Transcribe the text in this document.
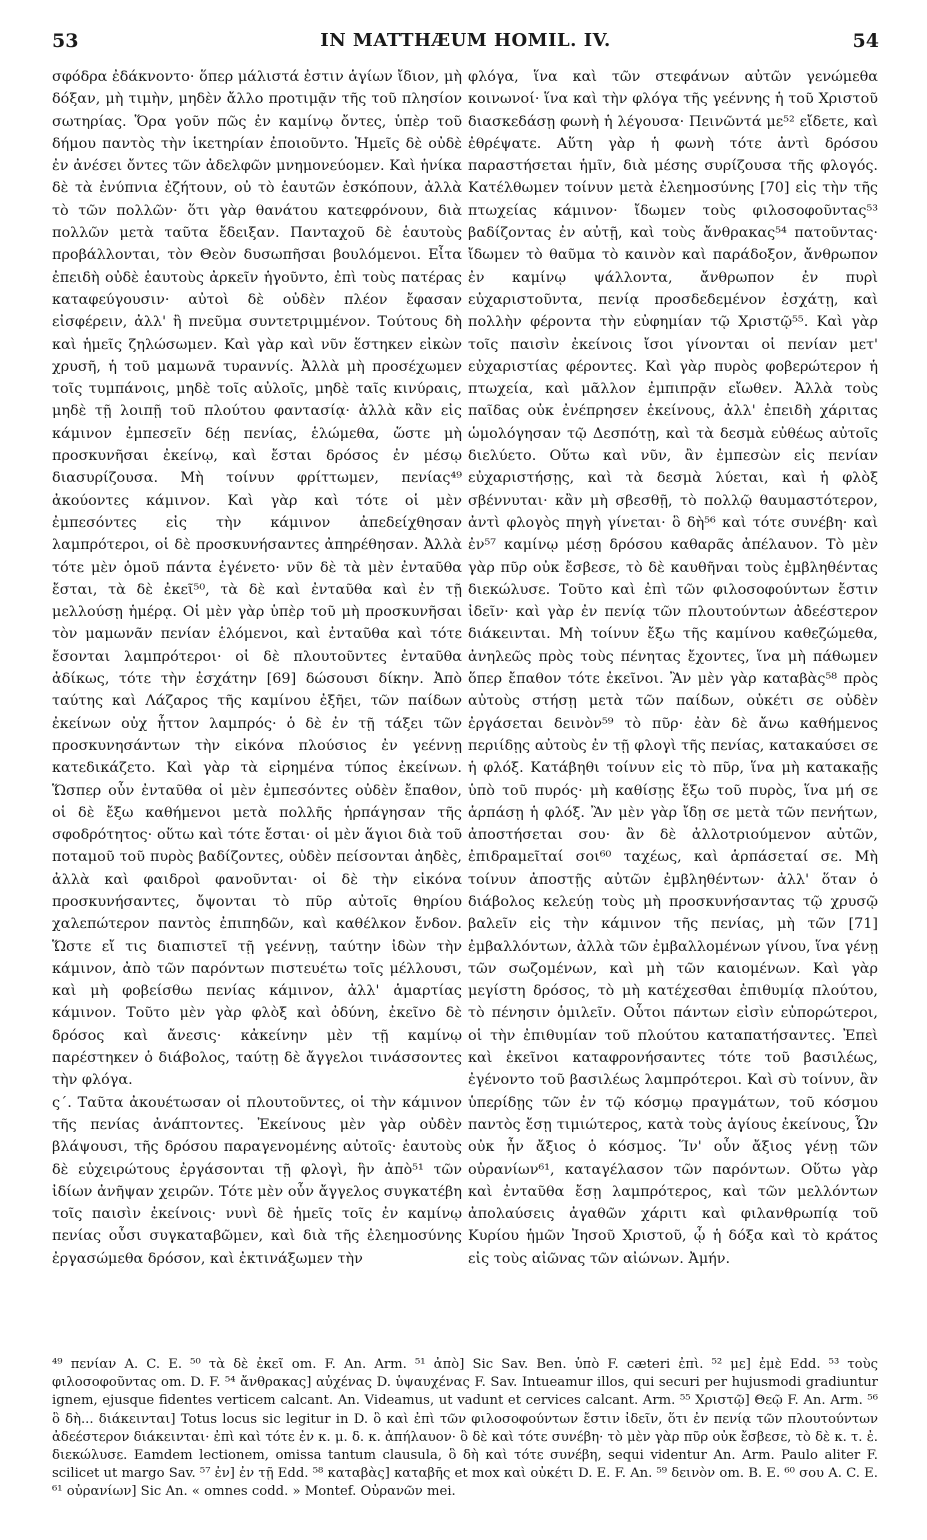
53	IN MATTHÆUM HOMIL. IV.	54

σφόδρα ἐδάκνοντο· ὅπερ μάλιστά ἐστιν ἁγίων ἴδιον, μὴ δόξαν, μὴ τιμὴν, μηδὲν ἄλλο προτιμᾷν τῆς τοῦ πλησίον σωτηρίας. Ὅρα γοῦν πῶς ἐν καμίνῳ ὄντες, ὑπὲρ τοῦ δήμου παντὸς τὴν ἱκετηρίαν ἐποιοῦντο. Ἡμεῖς δὲ οὐδὲ ἐν ἀνέσει ὄντες τῶν ἀδελφῶν μνημονεύομεν. Καὶ ἡνίκα δὲ τὰ ἐνύπνια ἐζήτουν, οὐ τὸ ἑαυτῶν ἐσκόπουν, ἀλλὰ τὸ τῶν πολλῶν· ὅτι γὰρ θανάτου κατεφρόνουν, διὰ πολλῶν μετὰ ταῦτα ἔδειξαν. Πανταχοῦ δὲ ἑαυτοὺς προβάλλονται, τὸν Θεὸν δυσωπῆσαι βουλόμενοι. Εἶτα ἐπειδὴ οὐδὲ ἑαυτοὺς ἀρκεῖν ἡγοῦντο, ἐπὶ τοὺς πατέρας καταφεύγουσιν· αὐτοὶ δὲ οὐδὲν πλέον ἔφασαν εἰσφέρειν, ἀλλ' ἢ πνεῦμα συντετριμμένον. Τούτους δὴ καὶ ἡμεῖς ζηλώσωμεν. Καὶ γὰρ καὶ νῦν ἕστηκεν εἰκὼν χρυσῆ, ἡ τοῦ μαμωνᾶ τυραννίς. Ἀλλὰ μὴ προσέχωμεν τοῖς τυμπάνοις, μηδὲ τοῖς αὐλοῖς, μηδὲ ταῖς κινύραις, μηδὲ τῇ λοιπῇ τοῦ πλούτου φαντασίᾳ· ἀλλὰ κἂν εἰς κάμινον ἐμπεσεῖν δέῃ πενίας, ἑλώμεθα, ὥστε μὴ προσκυνῆσαι ἐκείνῳ, καὶ ἔσται δρόσος ἐν μέσῳ διασυρίζουσα. Μὴ τοίνυν φρίττωμεν, πενίας⁴⁹ ἀκούοντες κάμινον. Καὶ γὰρ καὶ τότε οἱ μὲν ἐμπεσόντες εἰς τὴν κάμινον ἀπεδείχθησαν λαμπρότεροι, οἱ δὲ προσκυνήσαντες ἀπηρέθησαν. Ἀλλὰ τότε μὲν ὁμοῦ πάντα ἐγένετο· νῦν δὲ τὰ μὲν ἐνταῦθα ἔσται, τὰ δὲ ἐκεῖ⁵⁰, τὰ δὲ καὶ ἐνταῦθα καὶ ἐν τῇ μελλούσῃ ἡμέρᾳ. Οἱ μὲν γὰρ ὑπὲρ τοῦ μὴ προσκυνῆσαι τὸν μαμωνᾶν πενίαν ἑλόμενοι, καὶ ἐνταῦθα καὶ τότε ἔσονται λαμπρότεροι· οἱ δὲ πλουτοῦντες ἐνταῦθα ἀδίκως, τότε τὴν ἐσχάτην [69] δώσουσι δίκην. Ἀπὸ ταύτης καὶ Λάζαρος τῆς καμίνου ἐξῆει, τῶν παίδων ἐκείνων οὐχ ἧττον λαμπρός· ὁ δὲ ἐν τῇ τάξει τῶν προσκυνησάντων τὴν εἰκόνα πλούσιος ἐν γεέννῃ κατεδικάζετο. Καὶ γὰρ τὰ εἰρημένα τύπος ἐκείνων. Ὥσπερ οὖν ἐνταῦθα οἱ μὲν ἐμπεσόντες οὐδὲν ἔπαθον, οἱ δὲ ἔξω καθήμενοι μετὰ πολλῆς ἡρπάγησαν τῆς σφοδρότητος· οὕτω καὶ τότε ἔσται· οἱ μὲν ἅγιοι διὰ τοῦ ποταμοῦ τοῦ πυρὸς βαδίζοντες, οὐδὲν πείσονται ἀηδὲς, ἀλλὰ καὶ φαιδροὶ φανοῦνται· οἱ δὲ τὴν εἰκόνα προσκυνήσαντες, ὄψονται τὸ πῦρ αὐτοῖς θηρίου χαλεπώτερον παντὸς ἐπιπηδῶν, καὶ καθέλκον ἔνδον. Ὥστε εἴ τις διαπιστεῖ τῇ γεέννῃ, ταύτην ἰδὼν τὴν κάμινον, ἀπὸ τῶν παρόντων πιστευέτω τοῖς μέλλουσι, καὶ μὴ φοβείσθω πενίας κάμινον, ἀλλ' ἁμαρτίας κάμινον. Τοῦτο μὲν γὰρ φλὸξ καὶ ὀδύνη, ἐκεῖνο δὲ δρόσος καὶ ἄνεσις· κἀκείνην μὲν τῇ καμίνῳ παρέστηκεν ὁ διάβολος, ταύτῃ δὲ ἄγγελοι τινάσσοντες τὴν φλόγα.

ς΄. Ταῦτα ἀκουέτωσαν οἱ πλουτοῦντες, οἱ τὴν κάμινον τῆς πενίας ἀνάπτοντες. Ἐκείνους μὲν γὰρ οὐδὲν βλάψουσι, τῆς δρόσου παραγενομένης αὐτοῖς· ἑαυτοὺς δὲ εὐχειρώτους ἐργάσονται τῇ φλογὶ, ἣν ἀπὸ⁵¹ τῶν ἰδίων ἀνῆψαν χειρῶν. Τότε μὲν οὖν ἄγγελος συγκατέβη τοῖς παισὶν ἐκείνοις· νυνὶ δὲ ἡμεῖς τοῖς ἐν καμίνῳ πενίας οὖσι συγκαταβῶμεν, καὶ διὰ τῆς ἐλεημοσύνης ἐργασώμεθα δρόσον, καὶ ἐκτινάξωμεν τὴν

φλόγα, ἵνα καὶ τῶν στεφάνων αὐτῶν γενώμεθα κοινωνοί· ἵνα καὶ τὴν φλόγα τῆς γεέννης ἡ τοῦ Χριστοῦ διασκεδάσῃ φωνὴ ἡ λέγουσα· Πεινῶντά με⁵² εἴδετε, καὶ ἐθρέψατε. Αὕτη γὰρ ἡ φωνὴ τότε ἀντὶ δρόσου παραστήσεται ἡμῖν, διὰ μέσης συρίζουσα τῆς φλογός. Κατέλθωμεν τοίνυν μετὰ ἐλεημοσύνης [70] εἰς τὴν τῆς πτωχείας κάμινον· ἴδωμεν τοὺς φιλοσοφοῦντας⁵³ βαδίζοντας ἐν αὐτῇ, καὶ τοὺς ἄνθρακας⁵⁴ πατοῦντας· ἴδωμεν τὸ θαῦμα τὸ καινὸν καὶ παράδοξον, ἄνθρωπον ἐν καμίνῳ ψάλλοντα, ἄνθρωπον ἐν πυρὶ εὐχαριστοῦντα, πενίᾳ προσδεδεμένον ἐσχάτῃ, καὶ πολλὴν φέροντα τὴν εὐφημίαν τῷ Χριστῷ⁵⁵. Καὶ γὰρ τοῖς παισὶν ἐκείνοις ἴσοι γίνονται οἱ πενίαν μετ' εὐχαριστίας φέροντες. Καὶ γὰρ πυρὸς φοβερώτερον ἡ πτωχεία, καὶ μᾶλλον ἐμπιπρᾷν εἴωθεν. Ἀλλὰ τοὺς παῖδας οὐκ ἐνέπρησεν ἐκείνους, ἀλλ' ἐπειδὴ χάριτας ὡμολόγησαν τῷ Δεσπότῃ, καὶ τὰ δεσμὰ εὐθέως αὐτοῖς διελύετο. Οὕτω καὶ νῦν, ἂν ἐμπεσὼν εἰς πενίαν εὐχαριστήσῃς, καὶ τὰ δεσμὰ λύεται, καὶ ἡ φλὸξ σβέννυται· κἂν μὴ σβεσθῇ, τὸ πολλῷ θαυμαστότερον, ἀντὶ φλογὸς πηγὴ γίνεται· ὃ δὴ⁵⁶ καὶ τότε συνέβη· καὶ ἐν⁵⁷ καμίνῳ μέσῃ δρόσου καθαρᾶς ἀπέλαυον. Τὸ μὲν γὰρ πῦρ οὐκ ἔσβεσε, τὸ δὲ καυθῆναι τοὺς ἐμβληθέντας διεκώλυσε. Τοῦτο καὶ ἐπὶ τῶν φιλοσοφούντων ἔστιν ἰδεῖν· καὶ γὰρ ἐν πενίᾳ τῶν πλουτούντων ἀδεέστερον διάκεινται. Μὴ τοίνυν ἔξω τῆς καμίνου καθεζώμεθα, ἀνηλεῶς πρὸς τοὺς πένητας ἔχοντες, ἵνα μὴ πάθωμεν ὅπερ ἔπαθον τότε ἐκεῖνοι. Ἂν μὲν γὰρ καταβὰς⁵⁸ πρὸς αὐτοὺς στήσῃ μετὰ τῶν παίδων, οὐκέτι σε οὐδὲν ἐργάσεται δεινὸν⁵⁹ τὸ πῦρ· ἐὰν δὲ ἄνω καθήμενος περιίδῃς αὐτοὺς ἐν τῇ φλογὶ τῆς πενίας, κατακαύσει σε ἡ φλόξ. Κατάβηθι τοίνυν εἰς τὸ πῦρ, ἵνα μὴ κατακαῇς ὑπὸ τοῦ πυρός· μὴ καθίσῃς ἔξω τοῦ πυρὸς, ἵνα μή σε ἁρπάσῃ ἡ φλόξ. Ἂν μὲν γὰρ ἴδῃ σε μετὰ τῶν πενήτων, ἀποστήσεται σου· ἂν δὲ ἀλλοτριούμενον αὐτῶν, ἐπιδραμεῖταί σοι⁶⁰ ταχέως, καὶ ἁρπάσεταί σε. Μὴ τοίνυν ἀποστῇς αὐτῶν ἐμβληθέντων· ἀλλ' ὅταν ὁ διάβολος κελεύῃ τοὺς μὴ προσκυνήσαντας τῷ χρυσῷ βαλεῖν εἰς τὴν κάμινον τῆς πενίας, μὴ τῶν [71] ἐμβαλλόντων, ἀλλὰ τῶν ἐμβαλλομένων γίνου, ἵνα γένῃ τῶν σωζομένων, καὶ μὴ τῶν καιομένων. Καὶ γὰρ μεγίστη δρόσος, τὸ μὴ κατέχεσθαι ἐπιθυμίᾳ πλούτου, τὸ πένησιν ὁμιλεῖν. Οὗτοι πάντων εἰσὶν εὐπορώτεροι, οἱ τὴν ἐπιθυμίαν τοῦ πλούτου καταπατήσαντες. Ἐπεὶ καὶ ἐκεῖνοι καταφρονήσαντες τότε τοῦ βασιλέως, ἐγένοντο τοῦ βασιλέως λαμπρότεροι. Καὶ σὺ τοίνυν, ἂν ὑπερίδῃς τῶν ἐν τῷ κόσμῳ πραγμάτων, τοῦ κόσμου παντὸς ἔσῃ τιμιώτερος, κατὰ τοὺς ἁγίους ἐκείνους, Ὧν οὐκ ἦν ἄξιος ὁ κόσμος. Ἵν' οὖν ἄξιος γένῃ τῶν οὐρανίων⁶¹, καταγέλασον τῶν παρόντων. Οὕτω γὰρ καὶ ἐνταῦθα ἔσῃ λαμπρότερος, καὶ τῶν μελλόντων ἀπολαύσεις ἀγαθῶν χάριτι καὶ φιλανθρωπίᾳ τοῦ Κυρίου ἡμῶν Ἰησοῦ Χριστοῦ, ᾧ ἡ δόξα καὶ τὸ κράτος εἰς τοὺς αἰῶνας τῶν αἰώνων. Ἀμήν.

⁴⁹ πενίαν A. C. E. ⁵⁰ τὰ δὲ ἐκεῖ om. F. An. Arm. ⁵¹ ἀπὸ] Sic Sav. Ben. ὑπὸ F. cæteri ἐπὶ. ⁵² με] ἐμὲ Edd. ⁵³ τοὺς φιλοσοφοῦντας om. D. F. ⁵⁴ ἄνθρακας] αὐχένας D. ὑψαυχένας F. Sav. Intueamur illos, qui securi per hujusmodi gradiuntur ignem, ejusque fidentes verticem calcant. An. Videamus, ut vadunt et cervices calcant. Arm. ⁵⁵ Χριστῷ] Θεῷ F. An. Arm. ⁵⁶ ὃ δὴ... διάκεινται] Totus locus sic legitur in D. ὃ καὶ ἐπὶ τῶν φιλοσοφούντων ἔστιν ἰδεῖν, ὅτι ἐν πενίᾳ τῶν πλουτούντων ἀδεέστερον διάκεινται· ἐπὶ καὶ τότε ἐν κ. μ. δ. κ. ἀπήλαυον· ὃ δὲ καὶ τότε συνέβη· τὸ μὲν γὰρ πῦρ οὐκ ἔσβεσε, τὸ δὲ κ. τ. ἐ. διεκώλυσε. Eamdem lectionem, omissa tantum clausula, ὃ δὴ καὶ τότε συνέβη, sequi videntur An. Arm. Paulo aliter F. scilicet ut margo Sav. ⁵⁷ ἐν] ἐν τῇ Edd. ⁵⁸ καταβὰς] καταβῆς et mox καὶ οὐκέτι D. E. F. An. ⁵⁹ δεινὸν om. B. E. ⁶⁰ σου A. C. E. ⁶¹ οὐρανίων] Sic An. « omnes codd. » Montef. Οὐρανῶν mei.
